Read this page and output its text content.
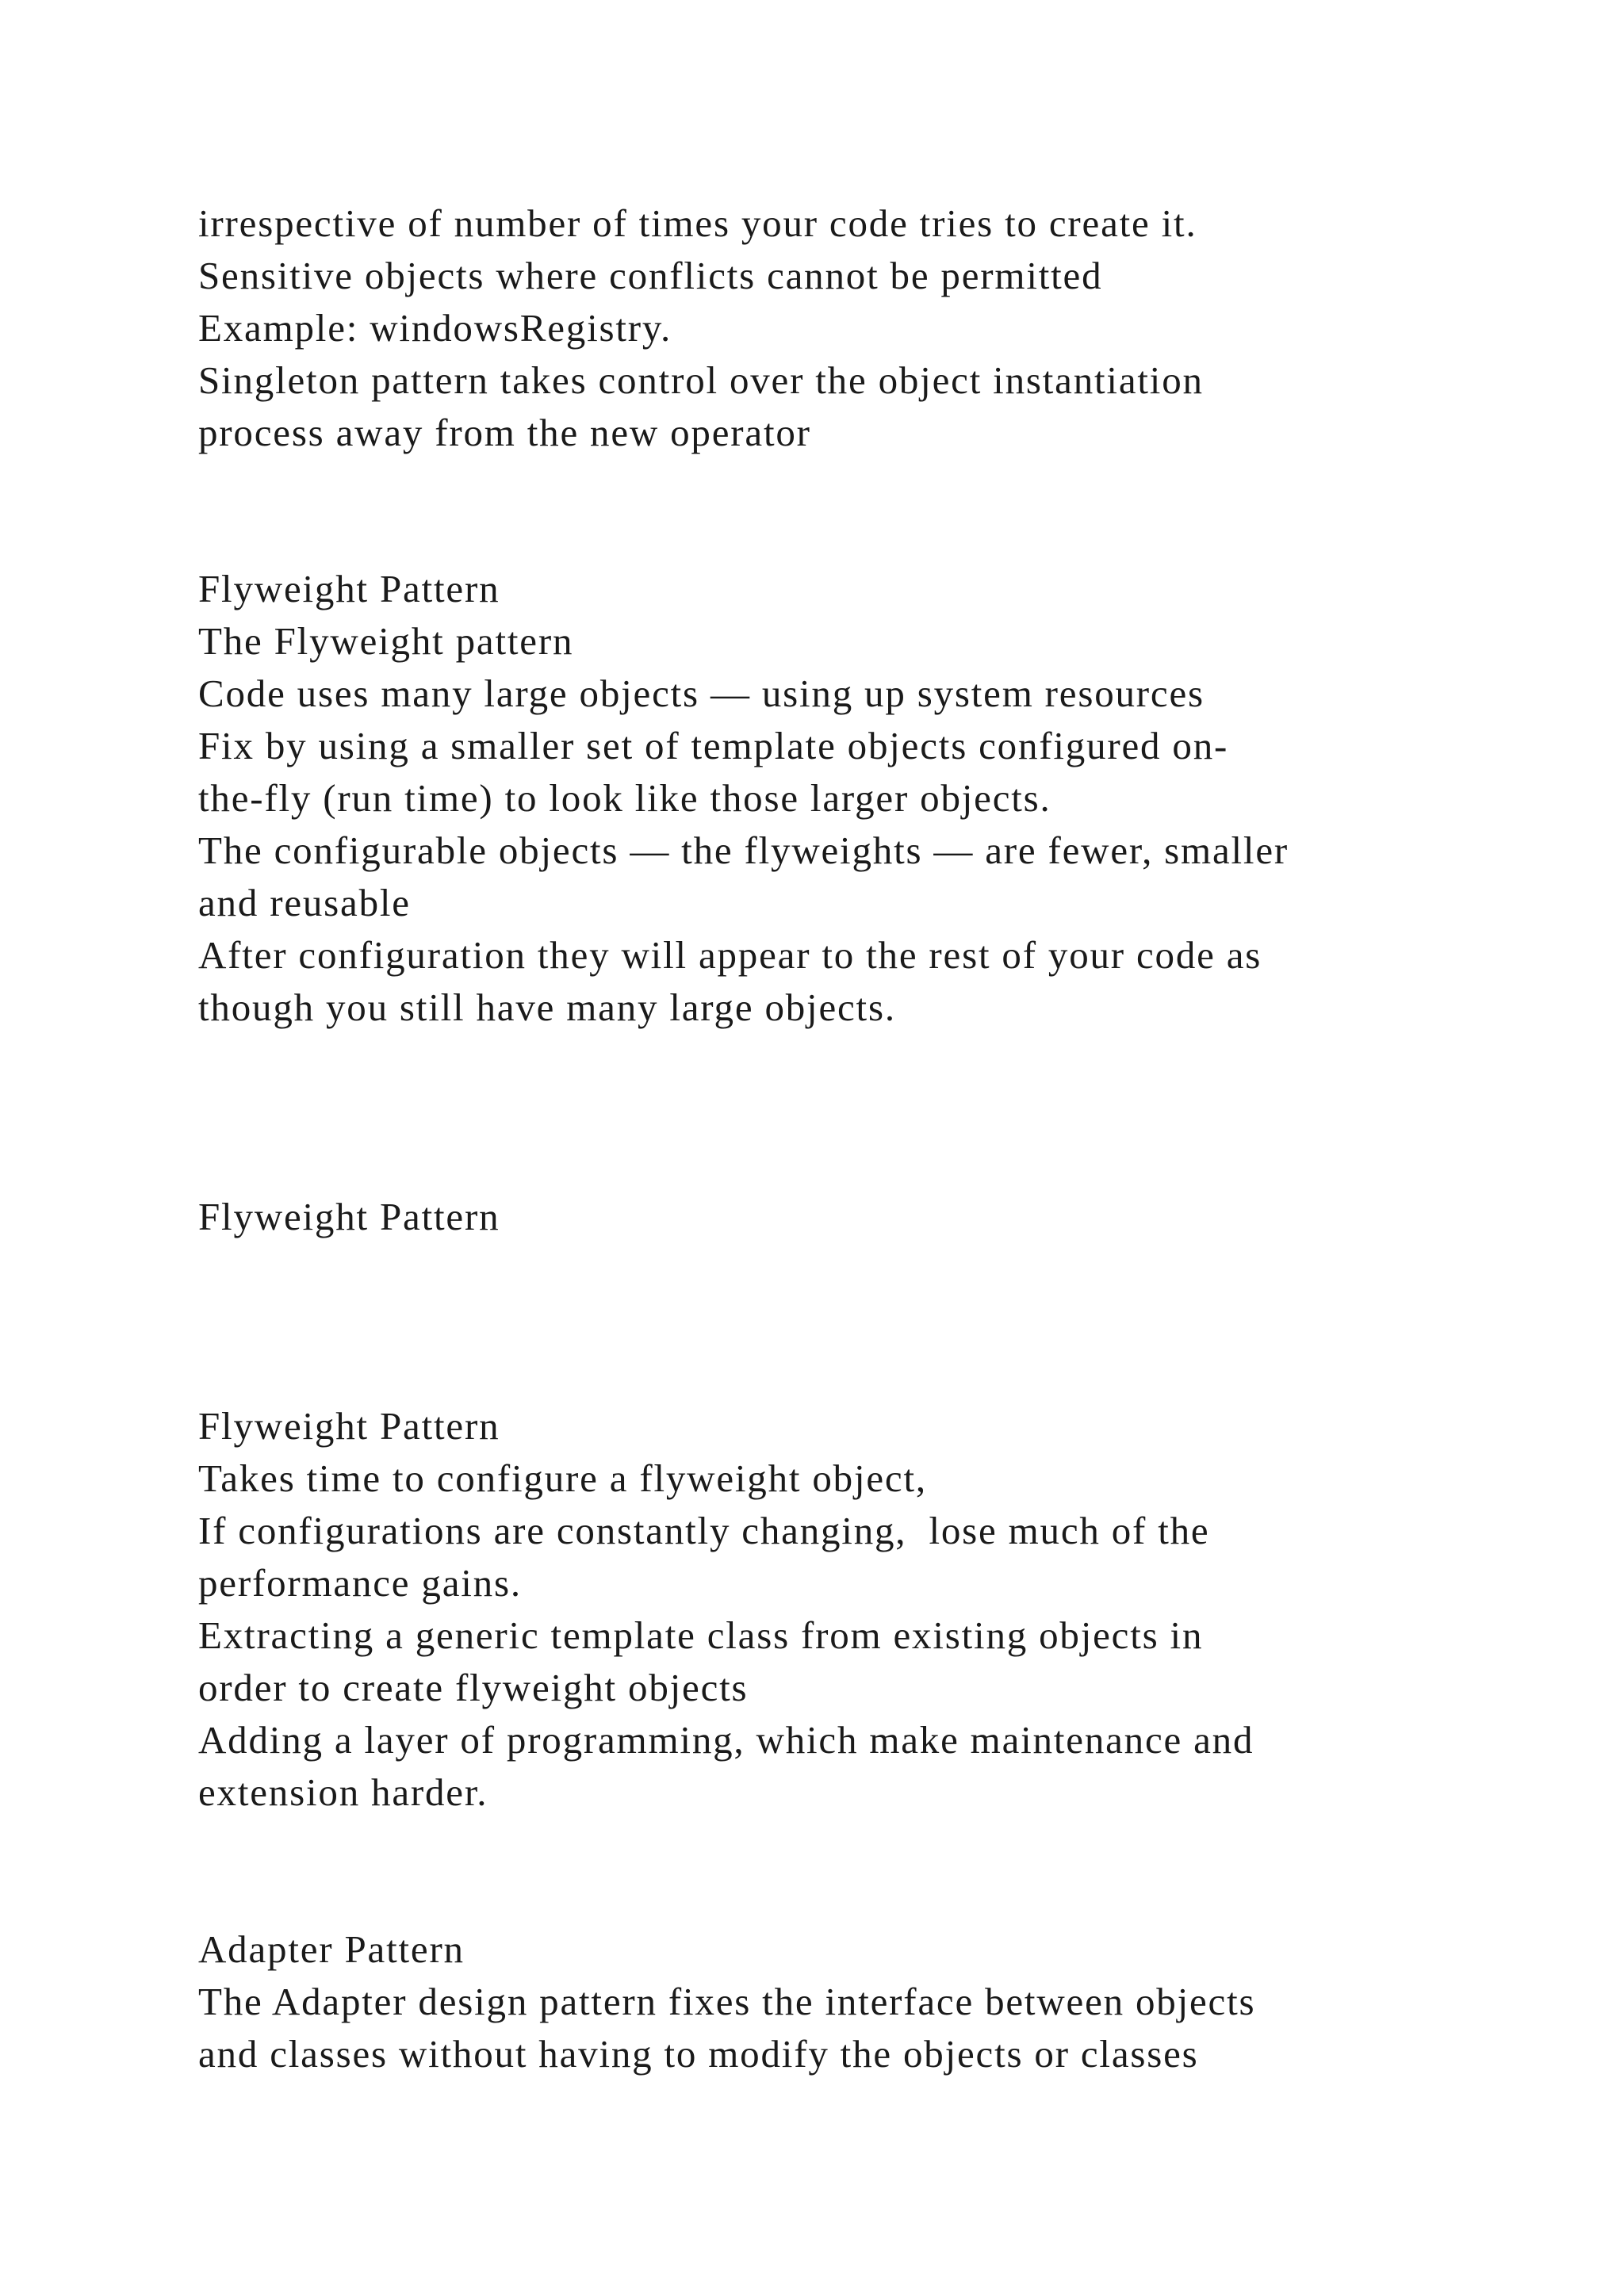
irrespective of number of times your code tries to create it.
Sensitive objects where conflicts cannot be permitted
Example: windowsRegistry.
Singleton pattern takes control over the object instantiation
process away from the new operator
Flyweight Pattern
The Flyweight pattern
Code uses many large objects — using up system resources
Fix by using a smaller set of template objects configured on-
the-fly (run time) to look like those larger objects.
The configurable objects — the flyweights — are fewer, smaller
and reusable
After configuration they will appear to the rest of your code as
though you still have many large objects.
Flyweight Pattern
Flyweight Pattern
Takes time to configure a flyweight object,
If configurations are constantly changing,  lose much of the
performance gains.
Extracting a generic template class from existing objects in
order to create flyweight objects
Adding a layer of programming, which make maintenance and
extension harder.
Adapter Pattern
The Adapter design pattern fixes the interface between objects
and classes without having to modify the objects or classes
